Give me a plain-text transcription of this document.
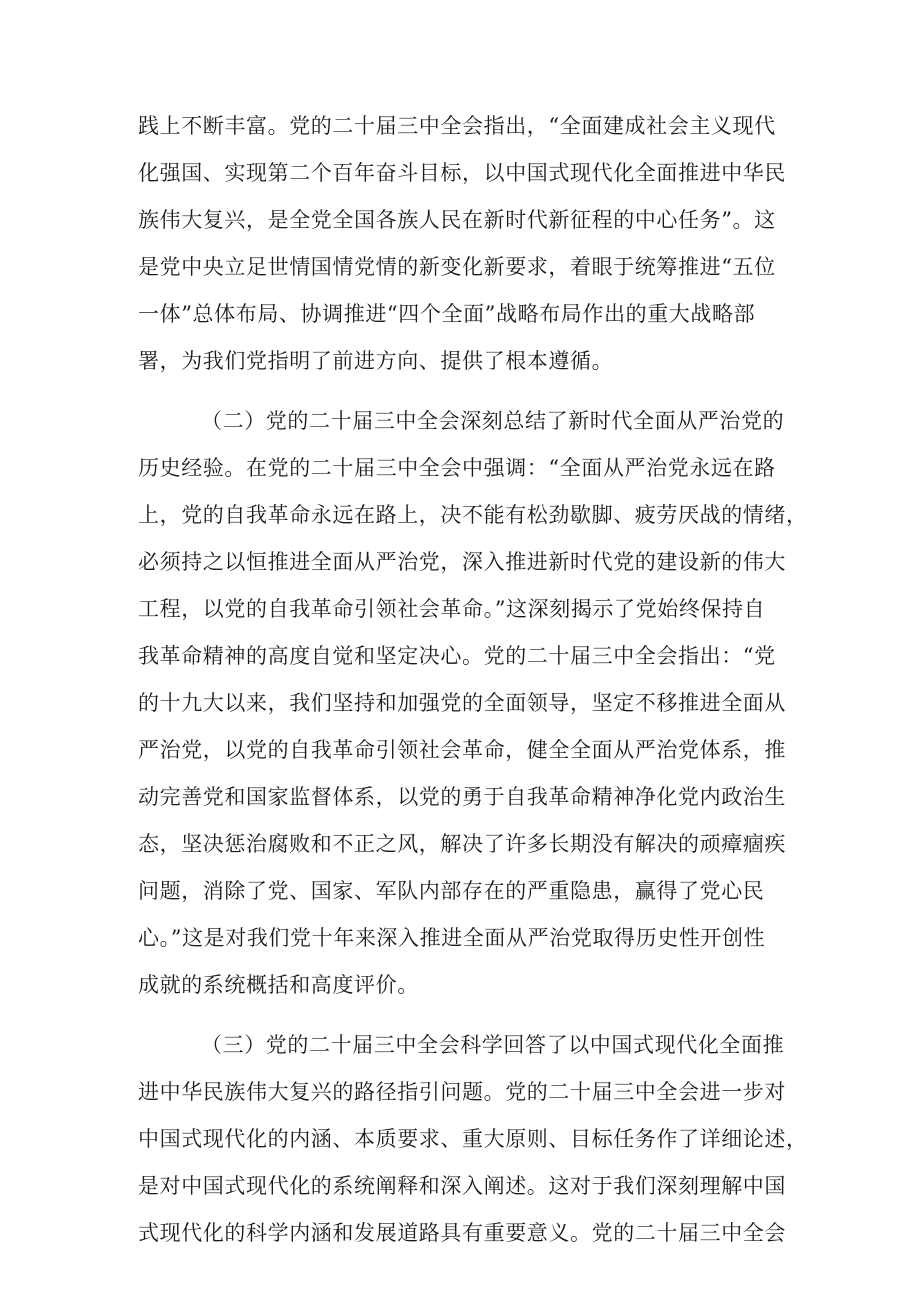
践上不断丰富。党的二十届三中全会指出，“全面建成社会主义现代
化强国、实现第二个百年奋斗目标，以中国式现代化全面推进中华民
族伟大复兴，是全党全国各族人民在新时代新征程的中心任务”。这
是党中央立足世情国情党情的新变化新要求，着眼于统筹推进“五位
一体”总体布局、协调推进“四个全面”战略布局作出的重大战略部
署，为我们党指明了前进方向、提供了根本遵循。
（二）党的二十届三中全会深刻总结了新时代全面从严治党的
历史经验。在党的二十届三中全会中强调：“全面从严治党永远在路
上，党的自我革命永远在路上，决不能有松劲歇脚、疲劳厌战的情绪，
必须持之以恒推进全面从严治党，深入推进新时代党的建设新的伟大
工程，以党的自我革命引领社会革命。”这深刻揭示了党始终保持自
我革命精神的高度自觉和坚定决心。党的二十届三中全会指出：“党
的十九大以来，我们坚持和加强党的全面领导，坚定不移推进全面从
严治党，以党的自我革命引领社会革命，健全全面从严治党体系，推
动完善党和国家监督体系，以党的勇于自我革命精神净化党内政治生
态，坚决惩治腐败和不正之风，解决了许多长期没有解决的顽瘴痼疾
问题，消除了党、国家、军队内部存在的严重隐患，赢得了党心民
心。”这是对我们党十年来深入推进全面从严治党取得历史性开创性
成就的系统概括和高度评价。
（三）党的二十届三中全会科学回答了以中国式现代化全面推
进中华民族伟大复兴的路径指引问题。党的二十届三中全会进一步对
中国式现代化的内涵、本质要求、重大原则、目标任务作了详细论述，
是对中国式现代化的系统阐释和深入阐述。这对于我们深刻理解中国
式现代化的科学内涵和发展道路具有重要意义。党的二十届三中全会
